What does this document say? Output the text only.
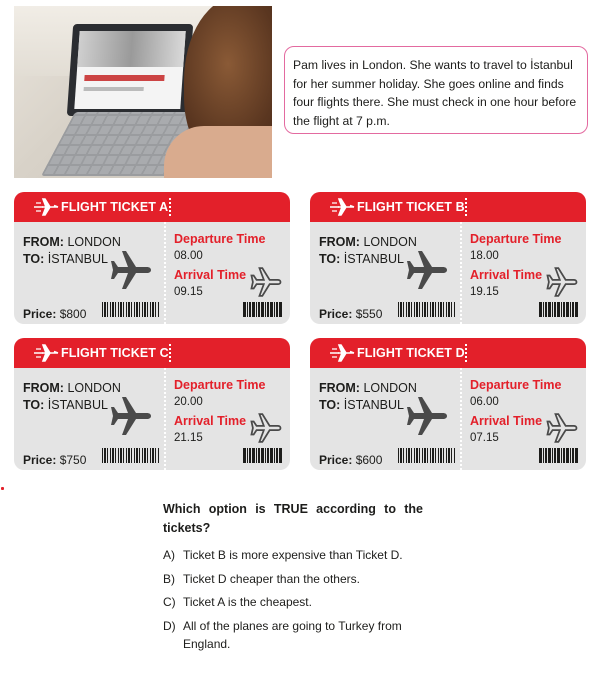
Pam lives in London. She wants to travel to İstanbul for her summer holiday. She goes online and finds four flights there. She must check in one hour before the flight at 7 p.m.
FLIGHT TICKET A
FROM: LONDON
TO: İSTANBUL
Departure Time
08.00
Arrival Time
09.15
Price: $800
FLIGHT TICKET B
FROM: LONDON
TO: İSTANBUL
Departure Time
18.00
Arrival Time
19.15
Price: $550
FLIGHT TICKET C
FROM: LONDON
TO: İSTANBUL
Departure Time
20.00
Arrival Time
21.15
Price: $750
FLIGHT TICKET D
FROM: LONDON
TO: İSTANBUL
Departure Time
06.00
Arrival Time
07.15
Price: $600
Which option is TRUE according to the tickets?
A) Ticket B is more expensive than Ticket D.
B) Ticket D cheaper than the others.
C) Ticket A is the cheapest.
D) All of the planes are going to Turkey from England.
